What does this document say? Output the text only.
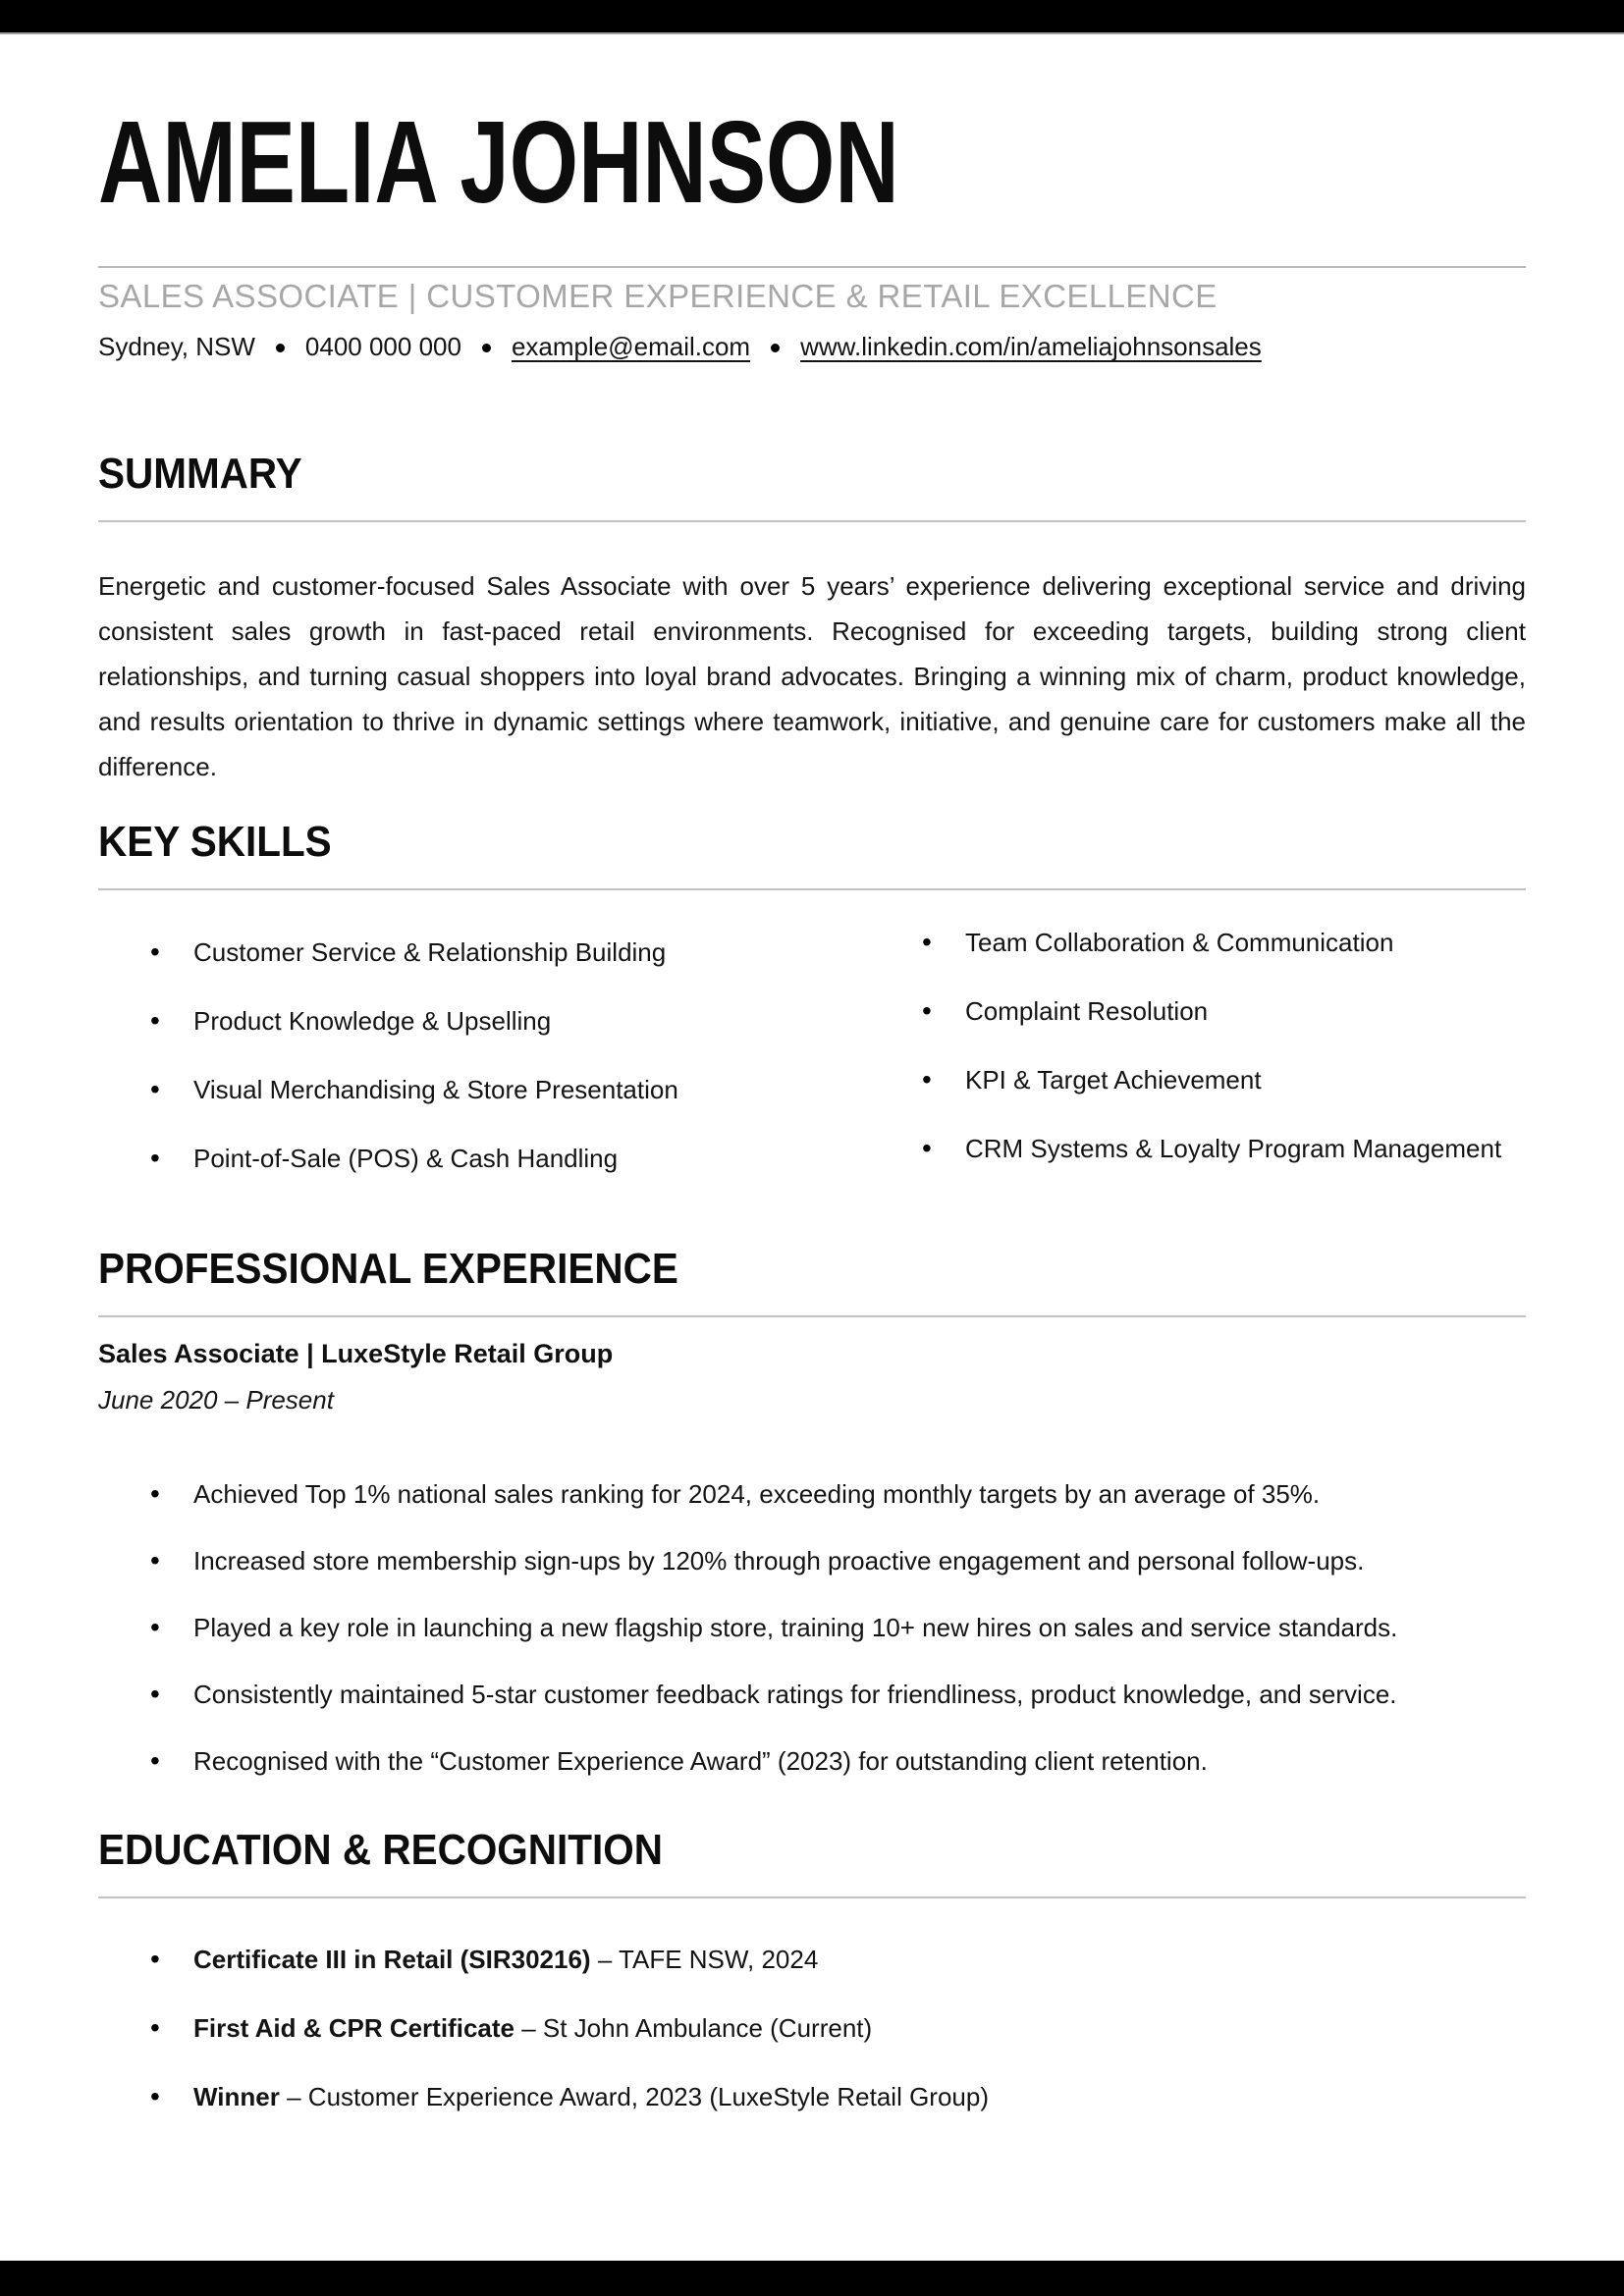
AMELIA JOHNSON
SALES ASSOCIATE | CUSTOMER EXPERIENCE & RETAIL EXCELLENCE
Sydney, NSW 0400 000 000 example@email.com www.linkedin.com/in/ameliajohnsonsales
SUMMARY

Energetic and customer-focused Sales Associate with over 5 years’ experience delivering exceptional service and driving consistent sales growth in fast-paced retail environments. Recognised for exceeding targets, building strong client relationships, and turning casual shoppers into loyal brand advocates. Bringing a winning mix of charm, product knowledge, and results orientation to thrive in dynamic settings where teamwork, initiative, and genuine care for customers make all the difference.

KEY SKILLS
• Customer Service & Relationship Building
• Product Knowledge & Upselling
• Visual Merchandising & Store Presentation
• Point-of-Sale (POS) & Cash Handling
• Team Collaboration & Communication
• Complaint Resolution
• KPI & Target Achievement
• CRM Systems & Loyalty Program Management
PROFESSIONAL EXPERIENCE

Sales Associate | LuxeStyle Retail Group

June 2020 – Present

• Achieved Top 1% national sales ranking for 2024, exceeding monthly targets by an average of 35%.
• Increased store membership sign-ups by 120% through proactive engagement and personal follow-ups.
• Played a key role in launching a new flagship store, training 10+ new hires on sales and service standards.
• Consistently maintained 5-star customer feedback ratings for friendliness, product knowledge, and service.
• Recognised with the “Customer Experience Award” (2023) for outstanding client retention.
EDUCATION & RECOGNITION
• Certificate III in Retail (SIR30216) – TAFE NSW, 2024
• First Aid & CPR Certificate – St John Ambulance (Current)
• Winner – Customer Experience Award, 2023 (LuxeStyle Retail Group)
